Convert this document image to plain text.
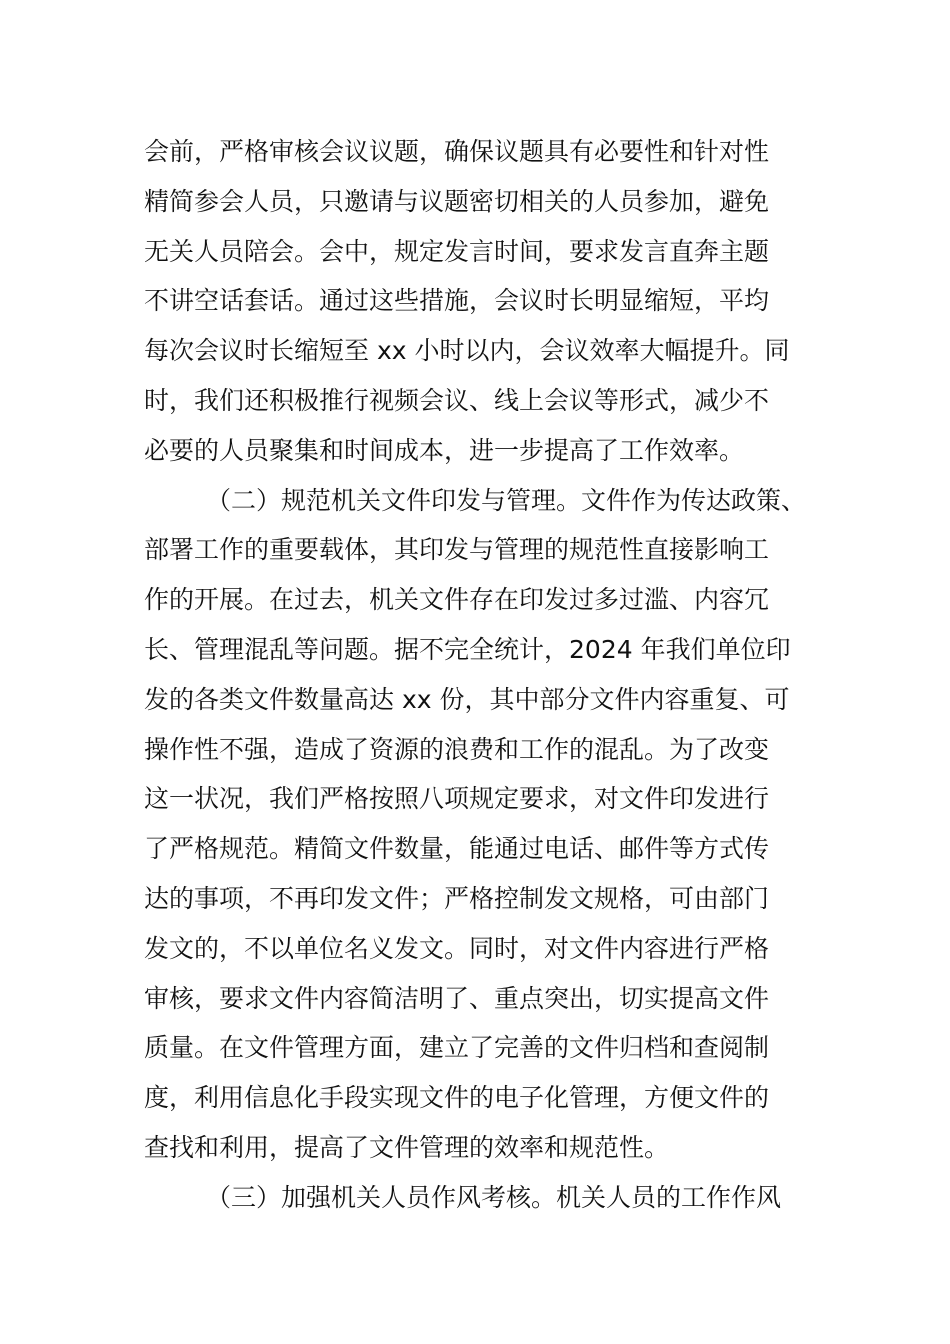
会前，严格审核会议议题，确保议题具有必要性和针对性
精简参会人员，只邀请与议题密切相关的人员参加，避免
无关人员陪会。会中，规定发言时间，要求发言直奔主题
不讲空话套话。通过这些措施，会议时长明显缩短，平均
每次会议时长缩短至 xx 小时以内，会议效率大幅提升。同
时，我们还积极推行视频会议、线上会议等形式，减少不
必要的人员聚集和时间成本，进一步提高了工作效率。
（二）规范机关文件印发与管理。文件作为传达政策、
部署工作的重要载体，其印发与管理的规范性直接影响工
作的开展。在过去，机关文件存在印发过多过滥、内容冗
长、管理混乱等问题。据不完全统计，2024 年我们单位印
发的各类文件数量高达 xx 份，其中部分文件内容重复、可
操作性不强，造成了资源的浪费和工作的混乱。为了改变
这一状况，我们严格按照八项规定要求，对文件印发进行
了严格规范。精简文件数量，能通过电话、邮件等方式传
达的事项，不再印发文件；严格控制发文规格，可由部门
发文的，不以单位名义发文。同时，对文件内容进行严格
审核，要求文件内容简洁明了、重点突出，切实提高文件
质量。在文件管理方面，建立了完善的文件归档和查阅制
度，利用信息化手段实现文件的电子化管理，方便文件的
查找和利用，提高了文件管理的效率和规范性。
（三）加强机关人员作风考核。机关人员的工作作风
